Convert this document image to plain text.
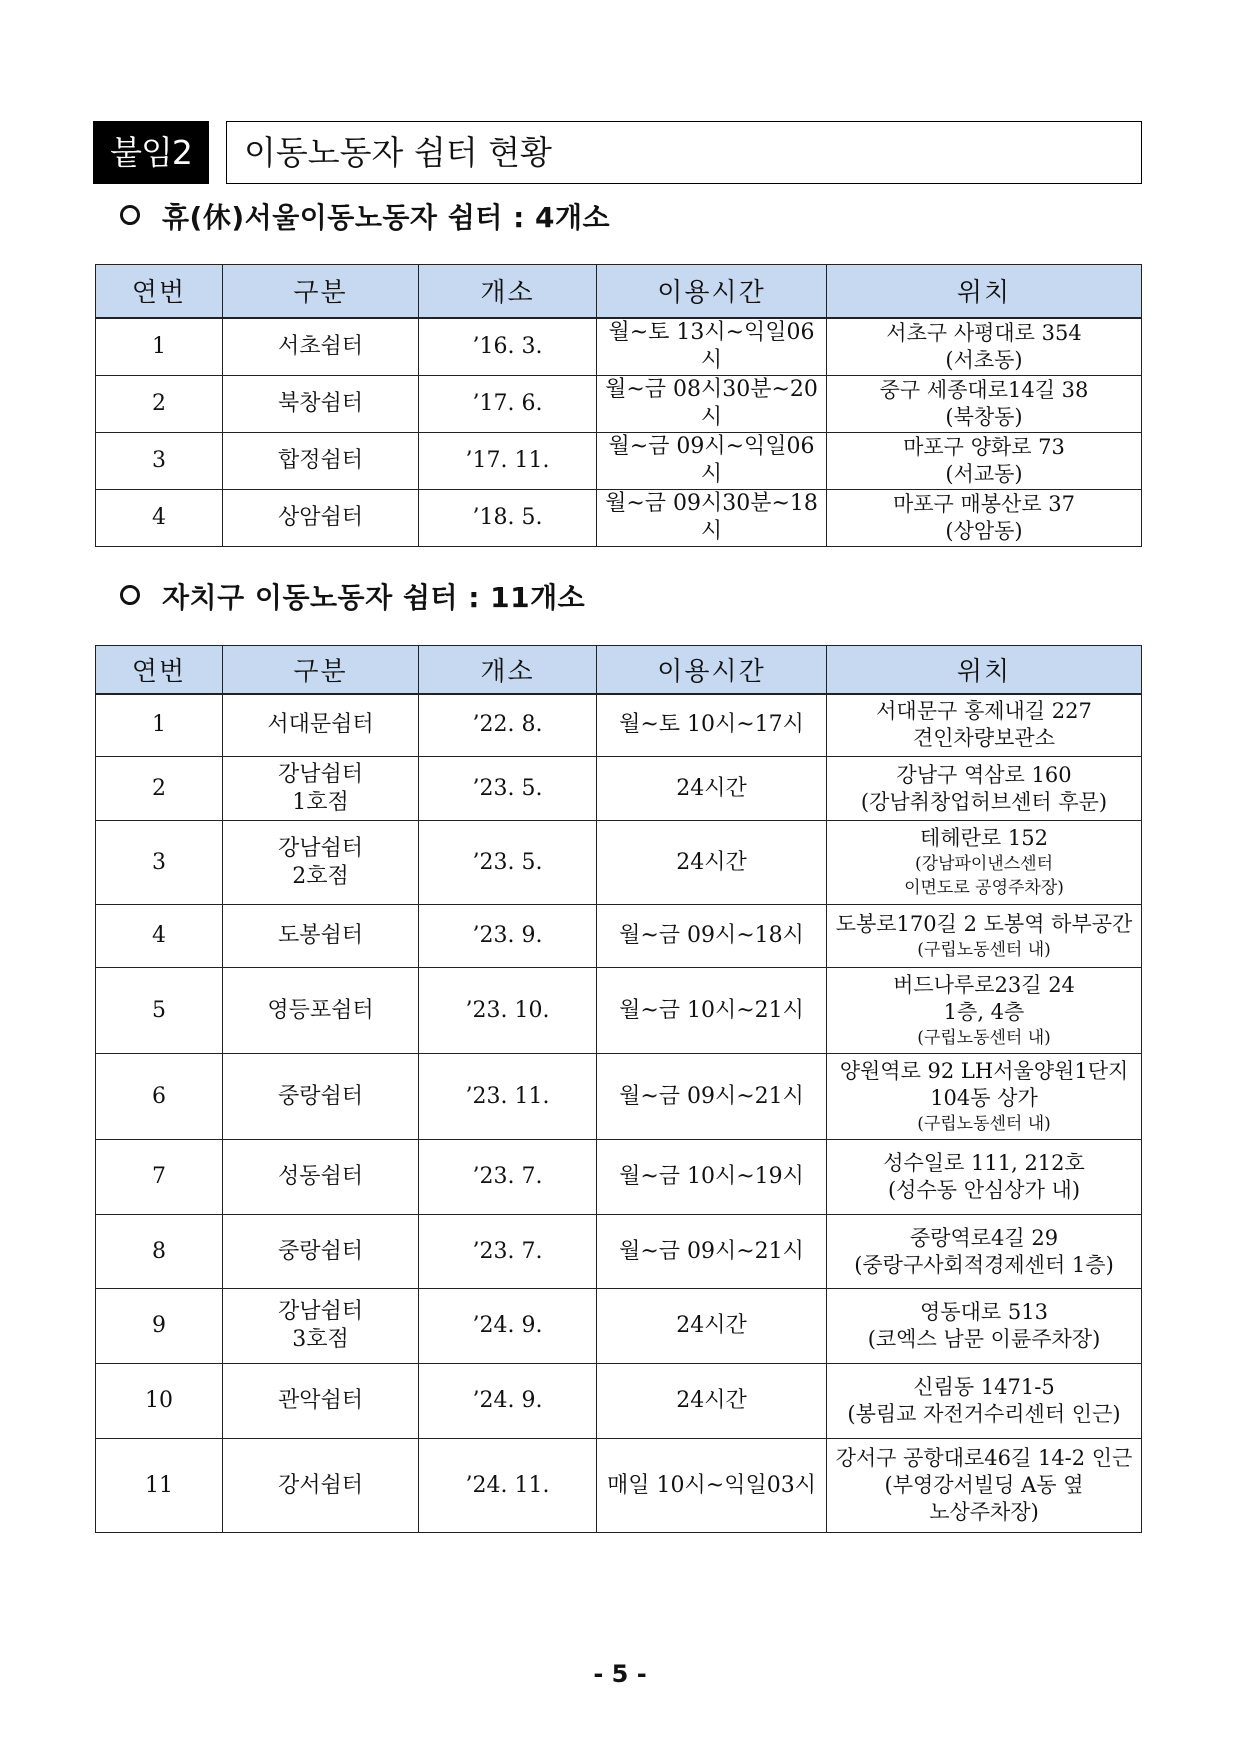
붙임2	이동노동자 쉼터 현황
휴(休)서울이동노동자 쉼터 : 4개소
연번	구분	개소	이용시간	위치
1	서초쉼터	’16. 3.	월~토 13시~익일06시	서초구 사평대로 354
(서초동)

2	북창쉼터	’17. 6.	월~금 08시30분~20시	중구 세종대로14길 38
(북창동)

3	합정쉼터	’17. 11.	월~금 09시~익일06시	마포구 양화로 73
(서교동)

4	상암쉼터	’18. 5.	월~금 09시30분~18시	마포구 매봉산로 37
(상암동)
자치구 이동노동자 쉼터 : 11개소
연번	구분	개소	이용시간	위치
1	서대문쉼터	’22. 8.	월~토 10시~17시	서대문구 홍제내길 227
견인차량보관소

2	강남쉼터
1호점	’23. 5.	24시간	강남구 역삼로 160
(강남취창업허브센터 후문)

3	강남쉼터
2호점	’23. 5.	24시간	테헤란로 152
(강남파이낸스센터
이면도로 공영주차장)

4	도봉쉼터	’23. 9.	월~금 09시~18시	도봉로170길 2 도봉역 하부공간
(구립노동센터 내)

5	영등포쉼터	’23. 10.	월~금 10시~21시	버드나루로23길 24
1층, 4층
(구립노동센터 내)

6	중랑쉼터	’23. 11.	월~금 09시~21시	양원역로 92 LH서울양원1단지
104동 상가
(구립노동센터 내)

7	성동쉼터	’23. 7.	월~금 10시~19시	성수일로 111, 212호
(성수동 안심상가 내)

8	중랑쉼터	’23. 7.	월~금 09시~21시	중랑역로4길 29
(중랑구사회적경제센터 1층)

9	강남쉼터
3호점	’24. 9.	24시간	영동대로 513
(코엑스 남문 이륜주차장)

10	관악쉼터	’24. 9.	24시간	신림동 1471-5
(봉림교 자전거수리센터 인근)

11	강서쉼터	’24. 11.	매일 10시~익일03시	강서구 공항대로46길 14-2 인근
(부영강서빌딩 A동 옆
노상주차장)
- 5 -
